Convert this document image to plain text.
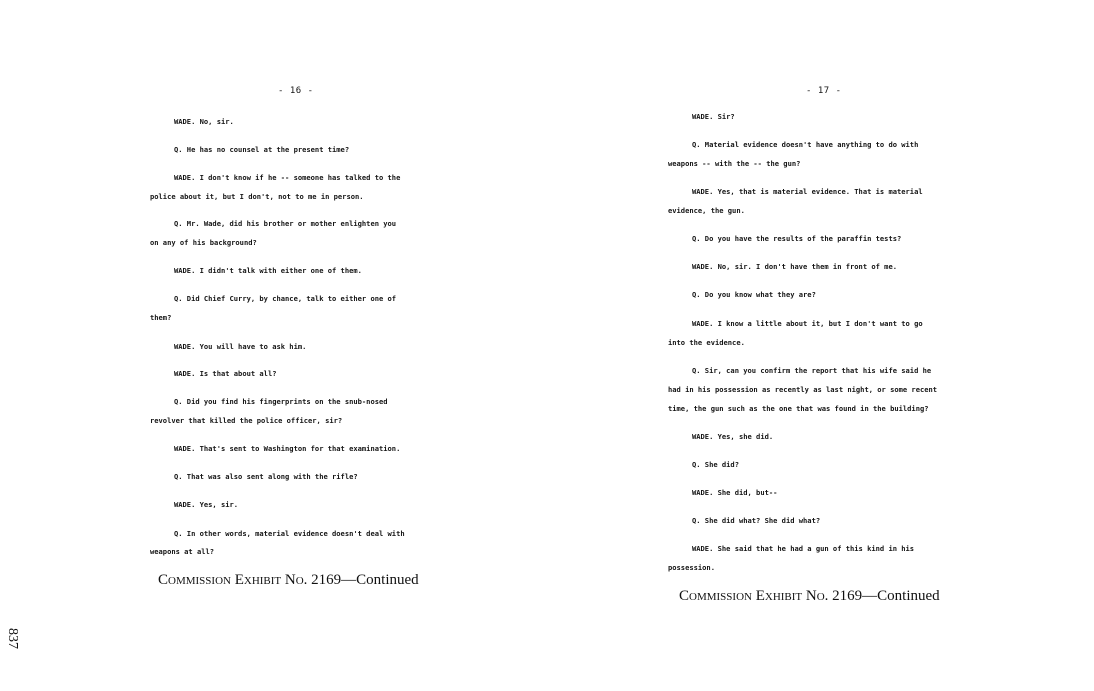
- 16 -
WADE. No, sir.
Q. He has no counsel at the present time?
WADE. I don't know if he -- someone has talked to the
police about it, but I don't, not to me in person.
Q. Mr. Wade, did his brother or mother enlighten you
on any of his background?
WADE. I didn't talk with either one of them.
Q. Did Chief Curry, by chance, talk to either one of
them?
WADE. You will have to ask him.
WADE. Is that about all?
Q. Did you find his fingerprints on the snub-nosed
revolver that killed the police officer, sir?
WADE. That's sent to Washington for that examination.
Q. That was also sent along with the rifle?
WADE. Yes, sir.
Q. In other words, material evidence doesn't deal with
weapons at all?
Commission Exhibit No. 2169—Continued
- 17 -
WADE. Sir?
Q. Material evidence doesn't have anything to do with
weapons -- with the -- the gun?
WADE. Yes, that is material evidence. That is material
evidence, the gun.
Q. Do you have the results of the paraffin tests?
WADE. No, sir. I don't have them in front of me.
Q. Do you know what they are?
WADE. I know a little about it, but I don't want to go
into the evidence.
Q. Sir, can you confirm the report that his wife said he
had in his possession as recently as last night, or some recent
time, the gun such as the one that was found in the building?
WADE. Yes, she did.
Q. She did?
WADE. She did, but--
Q. She did what? She did what?
WADE. She said that he had a gun of this kind in his
possession.
Commission Exhibit No. 2169—Continued
837
